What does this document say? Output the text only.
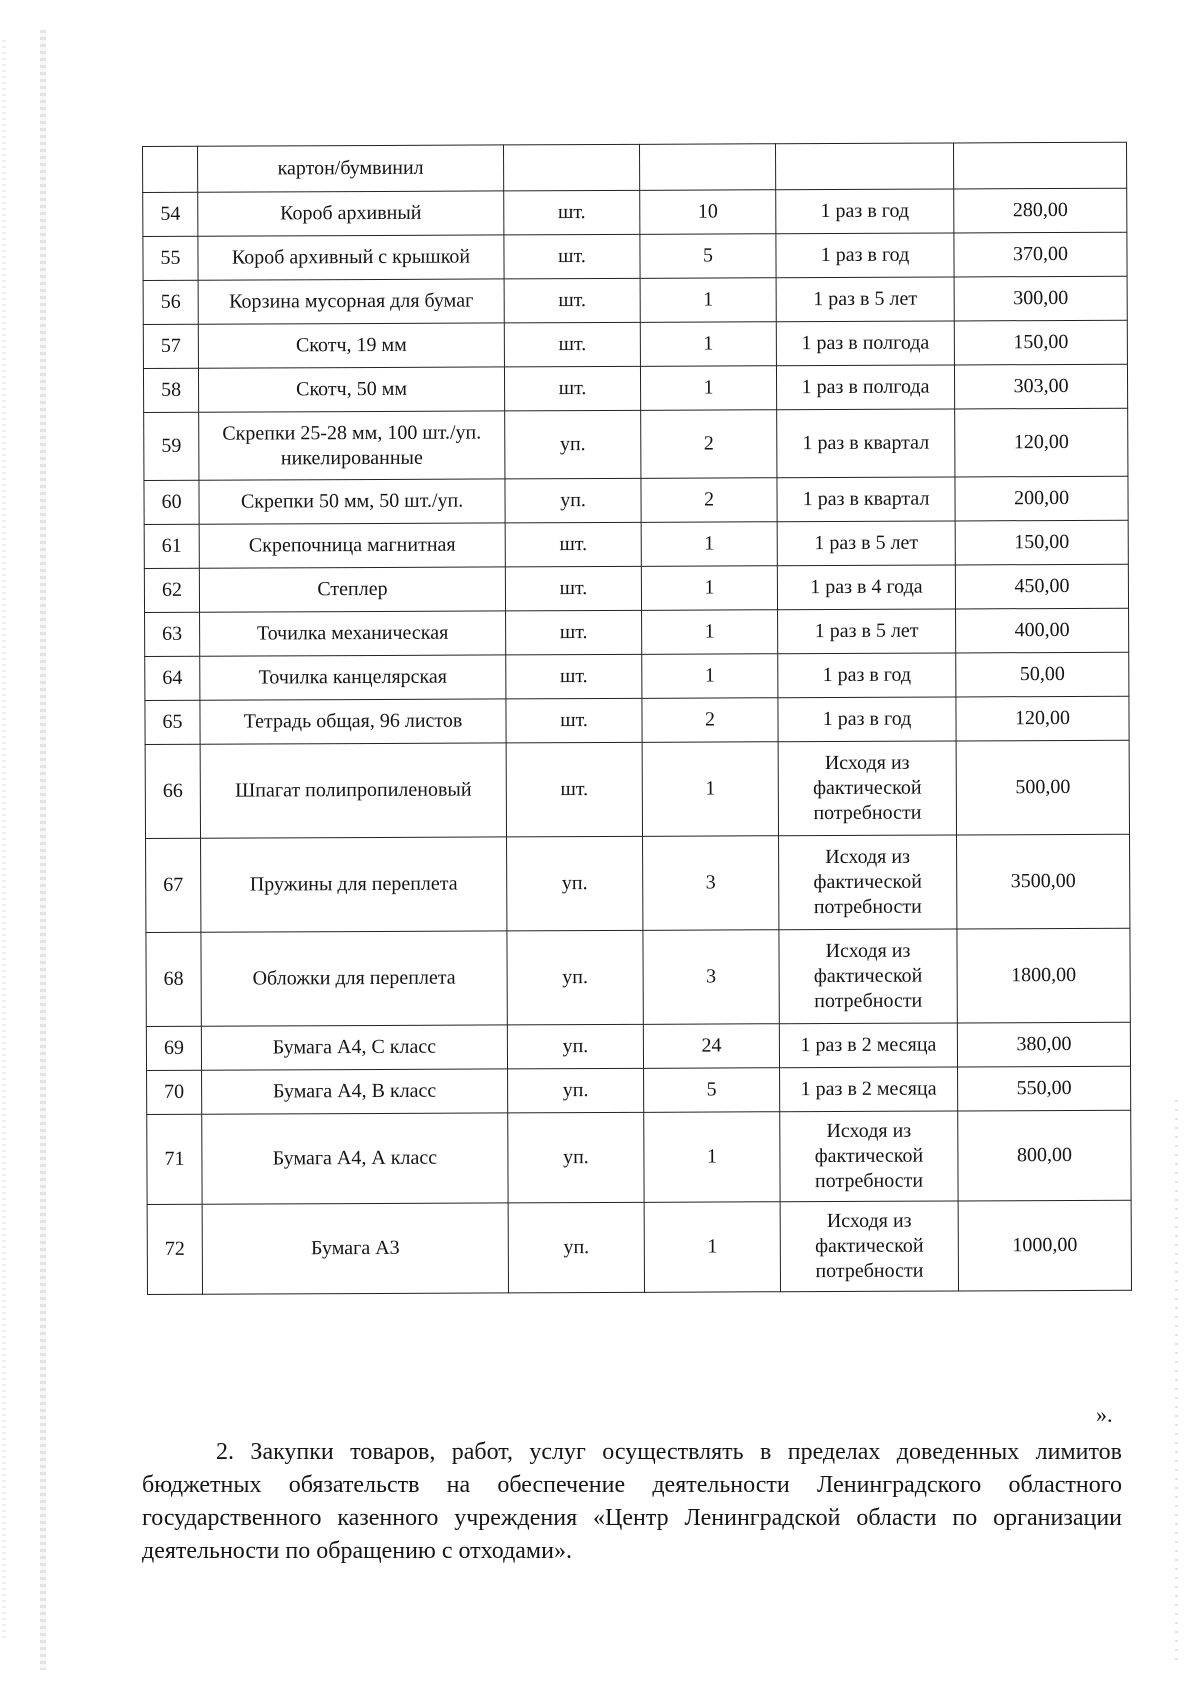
	картон/бумвинил				
54	Короб архивный	шт.	10	1 раз в год	280,00
55	Короб архивный с крышкой	шт.	5	1 раз в год	370,00
56	Корзина мусорная для бумаг	шт.	1	1 раз в 5 лет	300,00
57	Скотч, 19 мм	шт.	1	1 раз в полгода	150,00
58	Скотч, 50 мм	шт.	1	1 раз в полгода	303,00
59	Скрепки 25-28 мм, 100 шт./уп. никелированные	уп.	2	1 раз в квартал	120,00
60	Скрепки 50 мм, 50 шт./уп.	уп.	2	1 раз в квартал	200,00
61	Скрепочница магнитная	шт.	1	1 раз в 5 лет	150,00
62	Степлер	шт.	1	1 раз в 4 года	450,00
63	Точилка механическая	шт.	1	1 раз в 5 лет	400,00
64	Точилка канцелярская	шт.	1	1 раз в год	50,00
65	Тетрадь общая, 96 листов	шт.	2	1 раз в год	120,00
66	Шпагат полипропиленовый	шт.	1	Исходя из фактической потребности	500,00
67	Пружины для переплета	уп.	3	Исходя из фактической потребности	3500,00
68	Обложки для переплета	уп.	3	Исходя из фактической потребности	1800,00
69	Бумага А4, С класс	уп.	24	1 раз в 2 месяца	380,00
70	Бумага А4, В класс	уп.	5	1 раз в 2 месяца	550,00
71	Бумага А4, А класс	уп.	1	Исходя из фактической потребности	800,00
72	Бумага А3	уп.	1	Исходя из фактической потребности	1000,00
».

2. Закупки товаров, работ, услуг осуществлять в пределах доведенных лимитов бюджетных обязательств на обеспечение деятельности Ленинградского областного государственного казенного учреждения «Центр Ленинградской области по организации деятельности по обращению с отходами».
